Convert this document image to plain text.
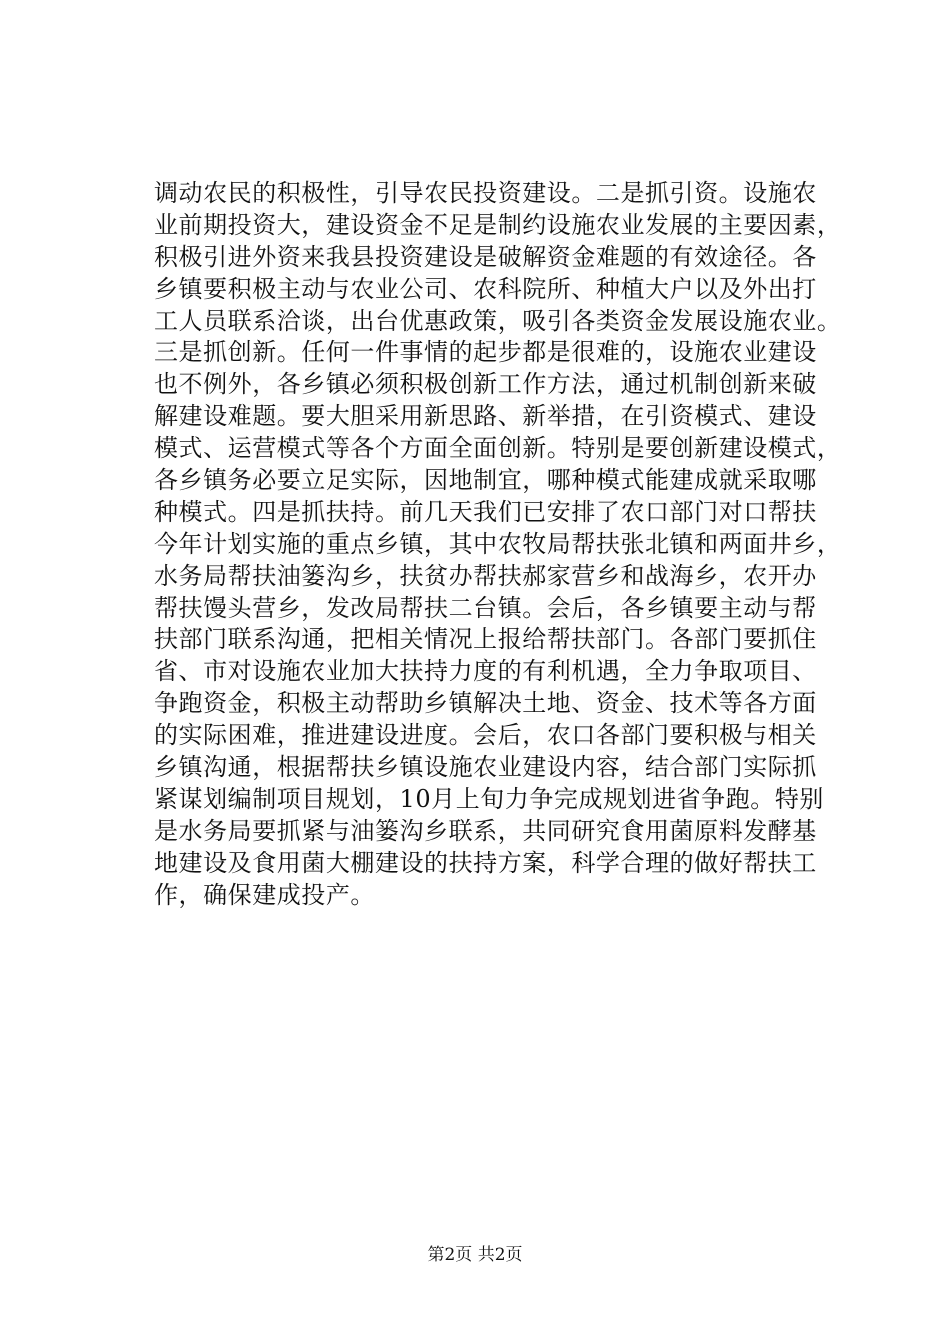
调动农民的积极性，引导农民投资建设。二是抓引资。设施农
业前期投资大，建设资金不足是制约设施农业发展的主要因素，
积极引进外资来我县投资建设是破解资金难题的有效途径。各
乡镇要积极主动与农业公司、农科院所、种植大户以及外出打
工人员联系洽谈，出台优惠政策，吸引各类资金发展设施农业。
三是抓创新。任何一件事情的起步都是很难的，设施农业建设
也不例外，各乡镇必须积极创新工作方法，通过机制创新来破
解建设难题。要大胆采用新思路、新举措，在引资模式、建设
模式、运营模式等各个方面全面创新。特别是要创新建设模式，
各乡镇务必要立足实际，因地制宜，哪种模式能建成就采取哪
种模式。四是抓扶持。前几天我们已安排了农口部门对口帮扶
今年计划实施的重点乡镇，其中农牧局帮扶张北镇和两面井乡，
水务局帮扶油篓沟乡，扶贫办帮扶郝家营乡和战海乡，农开办
帮扶馒头营乡，发改局帮扶二台镇。会后，各乡镇要主动与帮
扶部门联系沟通，把相关情况上报给帮扶部门。各部门要抓住
省、市对设施农业加大扶持力度的有利机遇，全力争取项目、
争跑资金，积极主动帮助乡镇解决土地、资金、技术等各方面
的实际困难，推进建设进度。会后，农口各部门要积极与相关
乡镇沟通，根据帮扶乡镇设施农业建设内容，结合部门实际抓
紧谋划编制项目规划，10月上旬力争完成规划进省争跑。特别
是水务局要抓紧与油篓沟乡联系，共同研究食用菌原料发酵基
地建设及食用菌大棚建设的扶持方案，科学合理的做好帮扶工
作，确保建成投产。
第2页 共2页
